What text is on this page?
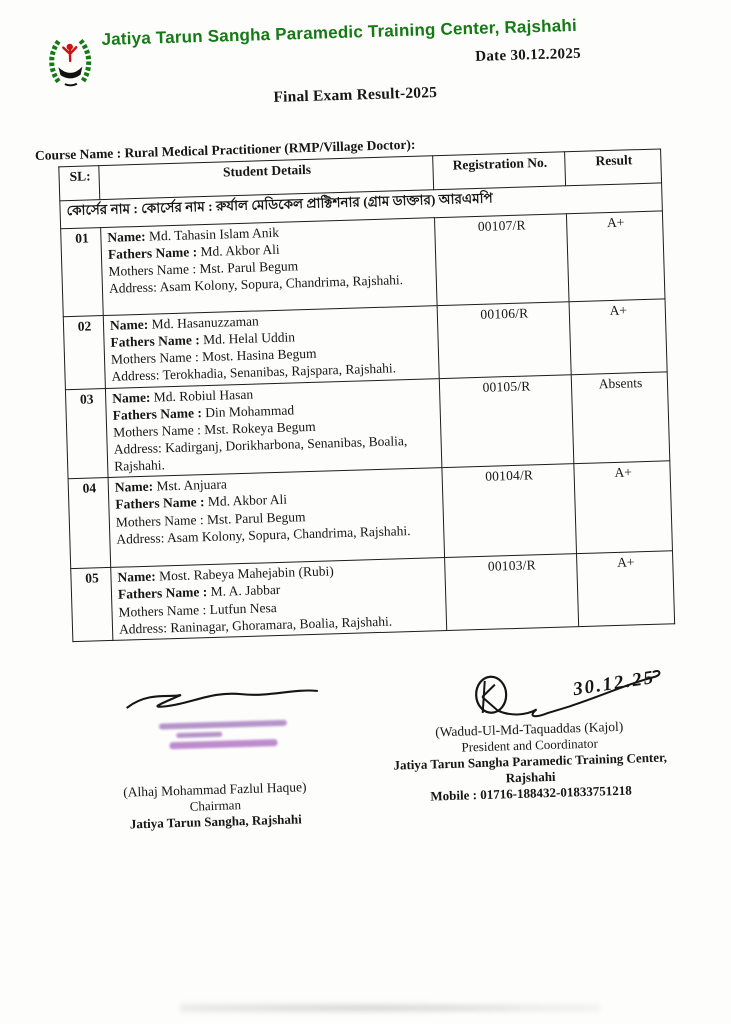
Jatiya Tarun Sangha Paramedic Training Center, Rajshahi
Date 30.12.2025
Final Exam Result-2025
Course Name : Rural Medical Practitioner (RMP/Village Doctor):
SL:	Student Details	Registration No.	Result
কোর্সের নাম : কোর্সের নাম : রুর্যাল মেডিকেল প্রাক্টিশনার (গ্রাম ডাক্তার) আরএমপি			
01	Name: Md. Tahasin Islam Anik
Fathers Name : Md. Akbor Ali
Mothers Name : Mst. Parul Begum
Address: Asam Kolony, Sopura, Chandrima, Rajshahi.	00107/R	A+
02	Name: Md. Hasanuzzaman
Fathers Name : Md. Helal Uddin
Mothers Name : Most. Hasina Begum
Address: Terokhadia, Senanibas, Rajspara, Rajshahi.	00106/R	A+
03	Name: Md. Robiul Hasan
Fathers Name : Din Mohammad
Mothers Name : Mst. Rokeya Begum
Address: Kadirganj, Dorikharbona, Senanibas, Boalia, Rajshahi.	00105/R	Absents
04	Name: Mst. Anjuara
Fathers Name : Md. Akbor Ali
Mothers Name : Mst. Parul Begum
Address: Asam Kolony, Sopura, Chandrima, Rajshahi.	00104/R	A+
05	Name: Most. Rabeya Mahejabin (Rubi)
Fathers Name : M. A. Jabbar
Mothers Name : Lutfun Nesa
Address: Raninagar, Ghoramara, Boalia, Rajshahi.	00103/R	A+
(Alhaj Mohammad Fazlul Haque)
Chairman
Jatiya Tarun Sangha, Rajshahi
30.12.25
(Wadud-Ul-Md-Taquaddas (Kajol)
President and Coordinator
Jatiya Tarun Sangha Paramedic Training Center,
Rajshahi
Mobile : 01716-188432-01833751218
